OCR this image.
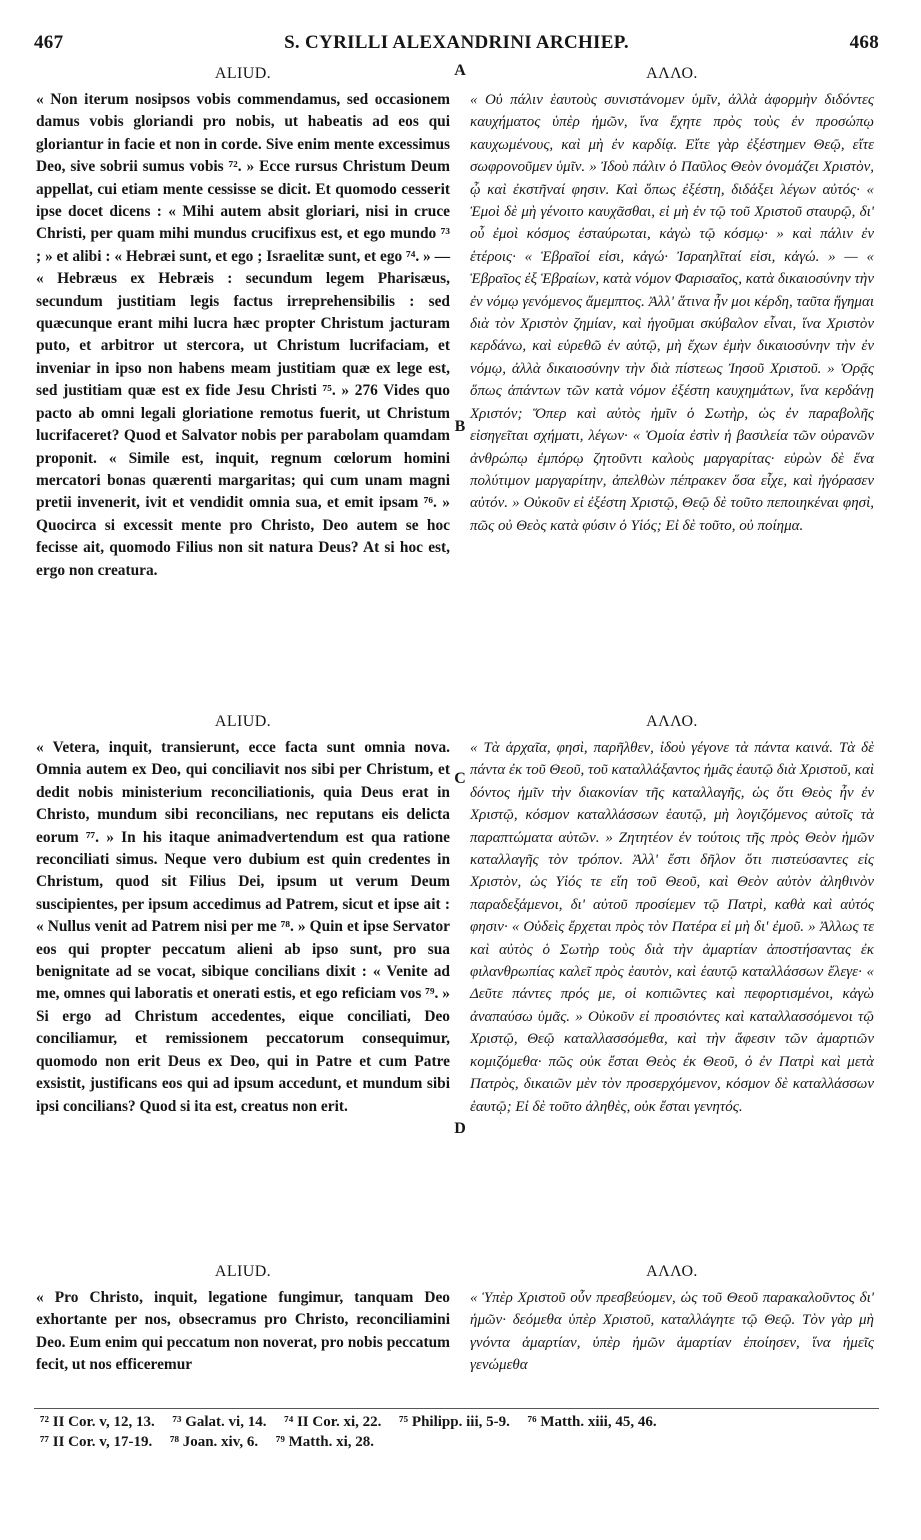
467	S. CYRILLI ALEXANDRINI ARCHIEP.	468
ALIUD.

« Non iterum nosipsos vobis commendamus, sed occasionem damus vobis gloriandi pro nobis, ut habeatis ad eos qui gloriantur in facie et non in corde. Sive enim mente excessimus Deo, sive sobrii sumus vobis ⁷². » Ecce rursus Christum Deum appellat, cui etiam mente cessisse se dicit. Et quomodo cesserit ipse docet dicens : « Mihi autem absit gloriari, nisi in cruce Christi, per quam mihi mundus crucifixus est, et ego mundo ⁷³ ; » et alibi : « Hebræi sunt, et ego ; Israelitæ sunt, et ego ⁷⁴. » — « Hebræus ex Hebræis : secundum legem Pharisæus, secundum justitiam legis factus irreprehensibilis : sed quæcunque erant mihi lucra hæc propter Christum jacturam puto, et arbitror ut stercora, ut Christum lucrifaciam, et inveniar in ipso non habens meam justitiam quæ ex lege est, sed justitiam quæ est ex fide Jesu Christi ⁷⁵. » 276 Vides quo pacto ab omni legali gloriatione remotus fuerit, ut Christum lucrifaceret? Quod et Salvator nobis per parabolam quamdam proponit. « Simile est, inquit, regnum cœlorum homini mercatori bonas quærenti margaritas; qui cum unam magni pretii invenerit, ivit et vendidit omnia sua, et emit ipsam ⁷⁶. » Quocirca si excessit mente pro Christo, Deo autem se hoc fecisse ait, quomodo Filius non sit natura Deus? At si hoc est, ergo non creatura.

ALIUD.

« Vetera, inquit, transierunt, ecce facta sunt omnia nova. Omnia autem ex Deo, qui conciliavit nos sibi per Christum, et dedit nobis ministerium reconciliationis, quia Deus erat in Christo, mundum sibi reconcilians, nec reputans eis delicta eorum ⁷⁷. » In his itaque animadvertendum est qua ratione reconciliati simus. Neque vero dubium est quin credentes in Christum, quod sit Filius Dei, ipsum ut verum Deum suscipientes, per ipsum accedimus ad Patrem, sicut et ipse ait : « Nullus venit ad Patrem nisi per me ⁷⁸. » Quin et ipse Servator eos qui propter peccatum alieni ab ipso sunt, pro sua benignitate ad se vocat, sibique concilians dixit : « Venite ad me, omnes qui laboratis et onerati estis, et ego reficiam vos ⁷⁹. » Si ergo ad Christum accedentes, eique conciliati, Deo conciliamur, et remissionem peccatorum consequimur, quomodo non erit Deus ex Deo, qui in Patre et cum Patre exsistit, justificans eos qui ad ipsum accedunt, et mundum sibi ipsi concilians? Quod si ita est, creatus non erit.

ALIUD.

« Pro Christo, inquit, legatione fungimur, tanquam Deo exhortante per nos, obsecramus pro Christo, reconciliamini Deo. Eum enim qui peccatum non noverat, pro nobis peccatum fecit, ut nos efficeremur

A
B
C
D
ΑΛΛΟ.

« Οὐ πάλιν ἑαυτοὺς συνιστάνομεν ὑμῖν, ἀλλὰ ἀφορμὴν διδόντες καυχήματος ὑπὲρ ἡμῶν, ἵνα ἔχητε πρὸς τοὺς ἐν προσώπῳ καυχωμένους, καὶ μὴ ἐν καρδίᾳ. Εἴτε γὰρ ἐξέστημεν Θεῷ, εἴτε σωφρονοῦμεν ὑμῖν. » Ἰδοὺ πάλιν ὁ Παῦλος Θεὸν ὀνομάζει Χριστὸν, ᾧ καὶ ἐκστῆναί φησιν. Καὶ ὅπως ἐξέστη, διδάξει λέγων αὐτός· « Ἐμοὶ δὲ μὴ γένοιτο καυχᾶσθαι, εἰ μὴ ἐν τῷ τοῦ Χριστοῦ σταυρῷ, δι' οὗ ἐμοὶ κόσμος ἐσταύρωται, κἀγὼ τῷ κόσμῳ· » καὶ πάλιν ἐν ἑτέροις· « Ἑβραῖοί εἰσι, κἀγώ· Ἰσραηλῖταί εἰσι, κἀγώ. » — « Ἑβραῖος ἐξ Ἑβραίων, κατὰ νόμον Φαρισαῖος, κατὰ δικαιοσύνην τὴν ἐν νόμῳ γενόμενος ἄμεμπτος. Ἀλλ' ἅτινα ἦν μοι κέρδη, ταῦτα ἥγημαι διὰ τὸν Χριστὸν ζημίαν, καὶ ἡγοῦμαι σκύβαλον εἶναι, ἵνα Χριστὸν κερδάνω, καὶ εὑρεθῶ ἐν αὐτῷ, μὴ ἔχων ἐμὴν δικαιοσύνην τὴν ἐν νόμῳ, ἀλλὰ δικαιοσύνην τὴν διὰ πίστεως Ἰησοῦ Χριστοῦ. » Ὁρᾷς ὅπως ἀπάντων τῶν κατὰ νόμον ἐξέστη καυχημάτων, ἵνα κερδάνῃ Χριστόν; Ὅπερ καὶ αὐτὸς ἡμῖν ὁ Σωτὴρ, ὡς ἐν παραβολῆς εἰσηγεῖται σχήματι, λέγων· « Ὁμοία ἐστὶν ἡ βασιλεία τῶν οὐρανῶν ἀνθρώπῳ ἐμπόρῳ ζητοῦντι καλοὺς μαργαρίτας· εὑρὼν δὲ ἕνα πολύτιμον μαργαρίτην, ἀπελθὼν πέπρακεν ὅσα εἶχε, καὶ ἠγόρασεν αὐτόν. » Οὐκοῦν εἰ ἐξέστη Χριστῷ, Θεῷ δὲ τοῦτο πεποιηκέναι φησὶ, πῶς οὐ Θεὸς κατὰ φύσιν ὁ Υἱός; Εἰ δὲ τοῦτο, οὐ ποίημα.

ΑΛΛΟ.

« Τὰ ἀρχαῖα, φησὶ, παρῆλθεν, ἰδοὺ γέγονε τὰ πάντα καινά. Τὰ δὲ πάντα ἐκ τοῦ Θεοῦ, τοῦ καταλλάξαντος ἡμᾶς ἑαυτῷ διὰ Χριστοῦ, καὶ δόντος ἡμῖν τὴν διακονίαν τῆς καταλλαγῆς, ὡς ὅτι Θεὸς ἦν ἐν Χριστῷ, κόσμον καταλλάσσων ἑαυτῷ, μὴ λογιζόμενος αὐτοῖς τὰ παραπτώματα αὐτῶν. » Ζητητέον ἐν τούτοις τῆς πρὸς Θεὸν ἡμῶν καταλλαγῆς τὸν τρόπον. Ἀλλ' ἔστι δῆλον ὅτι πιστεύσαντες εἰς Χριστὸν, ὡς Υἱός τε εἴη τοῦ Θεοῦ, καὶ Θεὸν αὐτὸν ἀληθινὸν παραδεξάμενοι, δι' αὐτοῦ προσίεμεν τῷ Πατρὶ, καθὰ καὶ αὐτός φησιν· « Οὐδεὶς ἔρχεται πρὸς τὸν Πατέρα εἰ μὴ δι' ἐμοῦ. » Ἀλλως τε καὶ αὐτὸς ὁ Σωτὴρ τοὺς διὰ τὴν ἁμαρτίαν ἀποστήσαντας ἐκ φιλανθρωπίας καλεῖ πρὸς ἑαυτὸν, καὶ ἑαυτῷ καταλλάσσων ἔλεγε· « Δεῦτε πάντες πρός με, οἱ κοπιῶντες καὶ πεφορτισμένοι, κἀγὼ ἀναπαύσω ὑμᾶς. » Οὐκοῦν εἰ προσιόντες καὶ καταλλασσόμενοι τῷ Χριστῷ, Θεῷ καταλλασσόμεθα, καὶ τὴν ἄφεσιν τῶν ἁμαρτιῶν κομιζόμεθα· πῶς οὐκ ἔσται Θεὸς ἐκ Θεοῦ, ὁ ἐν Πατρὶ καὶ μετὰ Πατρὸς, δικαιῶν μὲν τὸν προσερχόμενον, κόσμον δὲ καταλλάσσων ἑαυτῷ; Εἰ δὲ τοῦτο ἀληθὲς, οὐκ ἔσται γενητός.

ΑΛΛΟ.

« Ὑπὲρ Χριστοῦ οὖν πρεσβεύομεν, ὡς τοῦ Θεοῦ παρακαλοῦντος δι' ἡμῶν· δεόμεθα ὑπὲρ Χριστοῦ, καταλλάγητε τῷ Θεῷ. Τὸν γὰρ μὴ γνόντα ἁμαρτίαν, ὑπὲρ ἡμῶν ἁμαρτίαν ἐποίησεν, ἵνα ἡμεῖς γενώμεθα

⁷² II Cor. v, 12, 13. ⁷³ Galat. vi, 14. ⁷⁴ II Cor. xi, 22. ⁷⁵ Philipp. iii, 5-9. ⁷⁶ Matth. xiii, 45, 46.
⁷⁷ II Cor. v, 17-19. ⁷⁸ Joan. xiv, 6. ⁷⁹ Matth. xi, 28.
